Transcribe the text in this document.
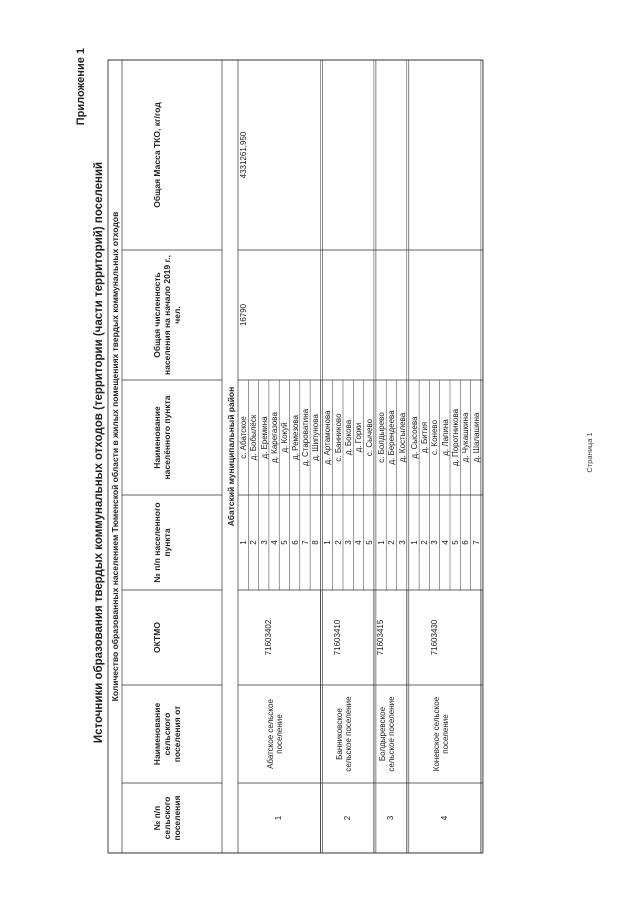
Приложение 1
Источники образования твердых коммунальных отходов (территории (части территорий) поселений Количество образованных населением Тюменской области в жилых помещениях твердых коммунальных отходов
№ п/п сельского поселения
Наименование сельского поселения от
ОКТМО
№ п/п населенного пункта
Наименование населённого пункта
Общая численность населения на начало 2019 г., чел.
Общая Масса ТКО, кг/год
Абатский муниципальный район
1
с. Абатское
2
д. Бобылёск
3
д. Еремина
4
д. Карегазова
5
д. Кокуй
6
д. Ремезова
7
д. Староватина
8
д. Шипунова
1
Абатское сельское поселение
71603402
1
д. Артамонова
2
с. Банниково
3
д. Бокова
4
д. Горки
5
с. Сычево
2
Банниковское сельское поселение
71603410
1
с. Болдырево
2
д. Берендеева
3
д. Костылева
3
Болдыревское сельское поселение
71603415
1
д. Сысоева
2
д. Бития
3
с. Конево
4
д. Лапина
5
д. Поротникова
6
д. Чукашкина
7
д. Шалашина
4
Коневское сельское поселение
71603430
16790
4331261,950
Страница 1
